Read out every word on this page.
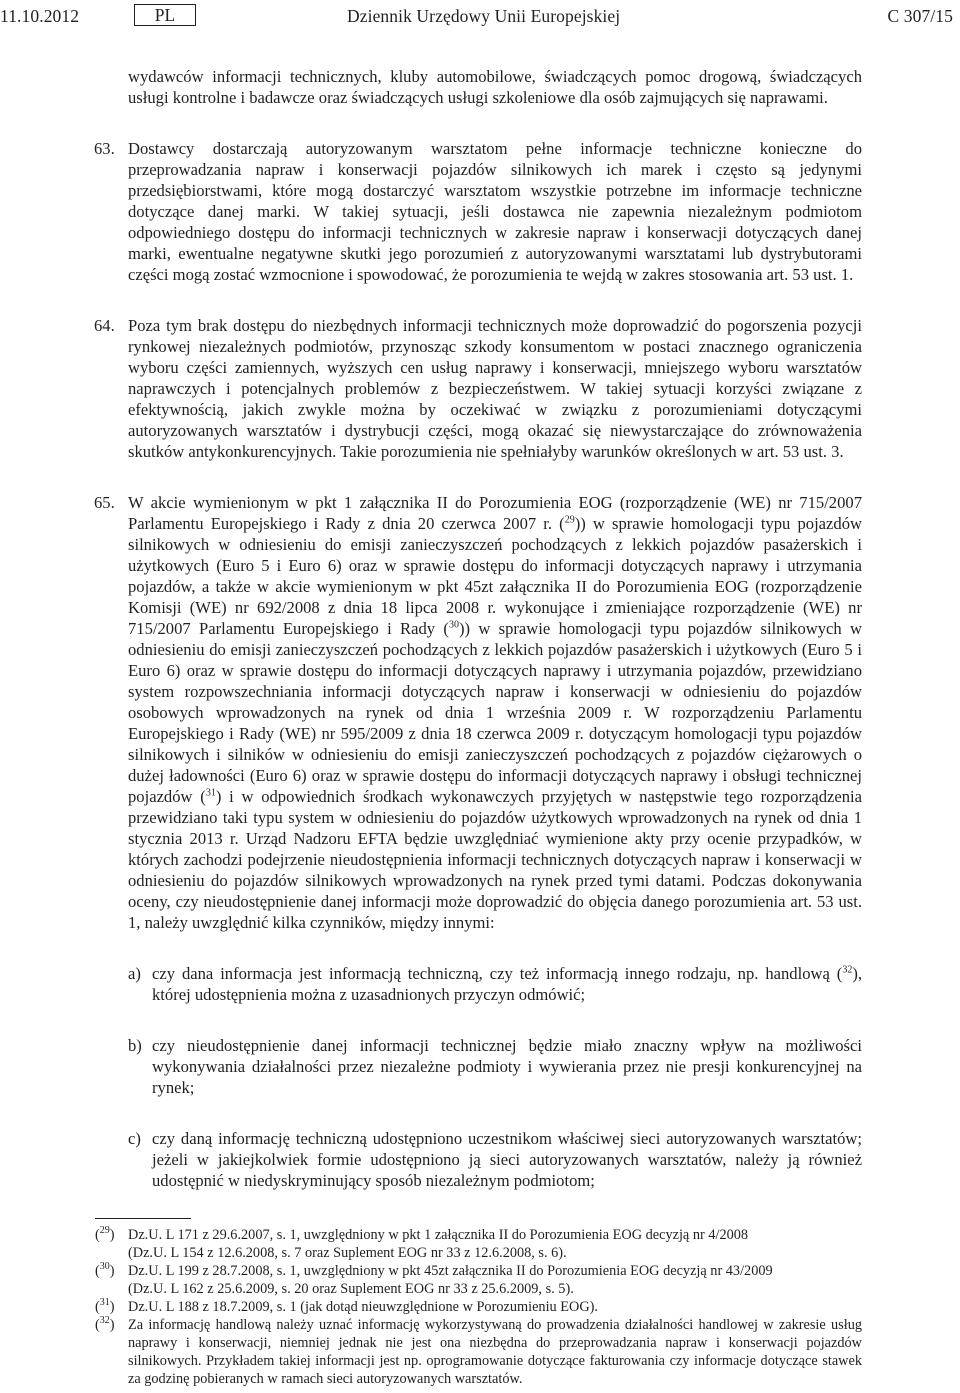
11.10.2012	PL	Dziennik Urzędowy Unii Europejskiej	C 307/15

wydawców informacji technicznych, kluby automobilowe, świadczących pomoc drogową, świadczących usługi kontrolne i badawcze oraz świadczących usługi szkoleniowe dla osób zajmujących się naprawami.

63. Dostawcy dostarczają autoryzowanym warsztatom pełne informacje techniczne konieczne do przeprowadzania napraw i konserwacji pojazdów silnikowych ich marek i często są jedynymi przedsiębiorstwami, które mogą dostarczyć warsztatom wszystkie potrzebne im informacje techniczne dotyczące danej marki. W takiej sytuacji, jeśli dostawca nie zapewnia niezależnym podmiotom odpowiedniego dostępu do informacji technicznych w zakresie napraw i konserwacji dotyczących danej marki, ewentualne negatywne skutki jego porozumień z autoryzowanymi warsztatami lub dystrybutorami części mogą zostać wzmocnione i spowodować, że porozumienia te wejdą w zakres stosowania art. 53 ust. 1.

64. Poza tym brak dostępu do niezbędnych informacji technicznych może doprowadzić do pogorszenia pozycji rynkowej niezależnych podmiotów, przynosząc szkody konsumentom w postaci znacznego ograniczenia wyboru części zamiennych, wyższych cen usług naprawy i konserwacji, mniejszego wyboru warsztatów naprawczych i potencjalnych problemów z bezpieczeństwem. W takiej sytuacji korzyści związane z efektywnością, jakich zwykle można by oczekiwać w związku z porozumieniami dotyczącymi autoryzowanych warsztatów i dystrybucji części, mogą okazać się niewystarczające do zrównoważenia skutków antykonkurencyjnych. Takie porozumienia nie spełniałyby warunków określonych w art. 53 ust. 3.

65. W akcie wymienionym w pkt 1 załącznika II do Porozumienia EOG (rozporządzenie (WE) nr 715/2007 Parlamentu Europejskiego i Rady z dnia 20 czerwca 2007 r. ($^{29}$)) w sprawie homologacji typu pojazdów silnikowych w odniesieniu do emisji zanieczyszczeń pochodzących z lekkich pojazdów pasażerskich i użytkowych (Euro 5 i Euro 6) oraz w sprawie dostępu do informacji dotyczących naprawy i utrzymania pojazdów, a także w akcie wymienionym w pkt 45zt załącznika II do Porozumienia EOG (rozporządzenie Komisji (WE) nr 692/2008 z dnia 18 lipca 2008 r. wykonujące i zmieniające rozporządzenie (WE) nr 715/2007 Parlamentu Europejskiego i Rady ($^{30}$)) w sprawie homologacji typu pojazdów silnikowych w odniesieniu do emisji zanieczyszczeń pochodzących z lekkich pojazdów pasażerskich i użytkowych (Euro 5 i Euro 6) oraz w sprawie dostępu do informacji dotyczących naprawy i utrzymania pojazdów, przewidziano system rozpowszechniania informacji dotyczących napraw i konserwacji w odniesieniu do pojazdów osobowych wprowadzonych na rynek od dnia 1 września 2009 r. W rozporządzeniu Parlamentu Europejskiego i Rady (WE) nr 595/2009 z dnia 18 czerwca 2009 r. dotyczącym homologacji typu pojazdów silnikowych i silników w odniesieniu do emisji zanieczyszczeń pochodzących z pojazdów ciężarowych o dużej ładowności (Euro 6) oraz w sprawie dostępu do informacji dotyczących naprawy i obsługi technicznej pojazdów ($^{31}$) i w odpowiednich środkach wykonawczych przyjętych w następstwie tego rozporządzenia przewidziano taki typu system w odniesieniu do pojazdów użytkowych wprowadzonych na rynek od dnia 1 stycznia 2013 r. Urząd Nadzoru EFTA będzie uwzględniać wymienione akty przy ocenie przypadków, w których zachodzi podejrzenie nieudostępnienia informacji technicznych dotyczących napraw i konserwacji w odniesieniu do pojazdów silnikowych wprowadzonych na rynek przed tymi datami. Podczas dokonywania oceny, czy nieudostępnienie danej informacji może doprowadzić do objęcia danego porozumienia art. 53 ust. 1, należy uwzględnić kilka czynników, między innymi:

a) czy dana informacja jest informacją techniczną, czy też informacją innego rodzaju, np. handlową ($^{32}$), której udostępnienia można z uzasadnionych przyczyn odmówić;
b) czy nieudostępnienie danej informacji technicznej będzie miało znaczny wpływ na możliwości wykonywania działalności przez niezależne podmioty i wywierania przez nie presji konkurencyjnej na rynek;
c) czy daną informację techniczną udostępniono uczestnikom właściwej sieci autoryzowanych warsztatów; jeżeli w jakiejkolwiek formie udostępniono ją sieci autoryzowanych warsztatów, należy ją również udostępnić w niedyskryminujący sposób niezależnym podmiotom;
($^{29}$) Dz.U. L 171 z 29.6.2007, s. 1, uwzględniony w pkt 1 załącznika II do Porozumienia EOG decyzją nr 4/2008
(Dz.U. L 154 z 12.6.2008, s. 7 oraz Suplement EOG nr 33 z 12.6.2008, s. 6).
($^{30}$) Dz.U. L 199 z 28.7.2008, s. 1, uwzględniony w pkt 45zt załącznika II do Porozumienia EOG decyzją nr 43/2009
(Dz.U. L 162 z 25.6.2009, s. 20 oraz Suplement EOG nr 33 z 25.6.2009, s. 5).
($^{31}$) Dz.U. L 188 z 18.7.2009, s. 1 (jak dotąd nieuwzględnione w Porozumieniu EOG).
($^{32}$) Za informację handlową należy uznać informację wykorzystywaną do prowadzenia działalności handlowej w zakresie usług naprawy i konserwacji, niemniej jednak nie jest ona niezbędna do przeprowadzania napraw i konserwacji pojazdów silnikowych. Przykładem takiej informacji jest np. oprogramowanie dotyczące fakturowania czy informacje dotyczące stawek za godzinę pobieranych w ramach sieci autoryzowanych warsztatów.
